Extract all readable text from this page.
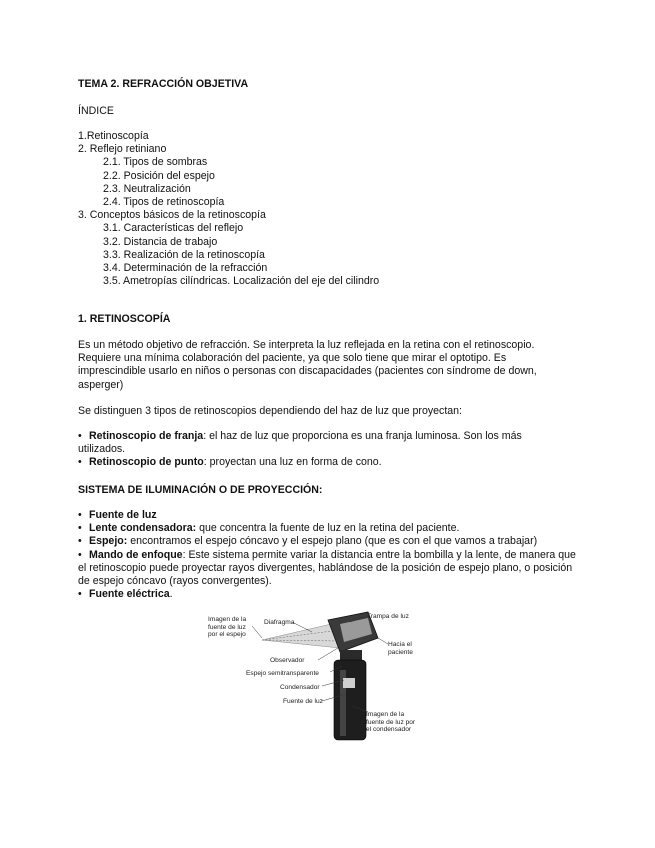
TEMA 2. REFRACCIÓN OBJETIVA
ÍNDICE
1.Retinoscopía
2. Reflejo retiniano
2.1. Tipos de sombras
2.2. Posición del espejo
2.3. Neutralización
2.4. Tipos de retinoscopía
3. Conceptos básicos de la retinoscopía
3.1. Características del reflejo
3.2. Distancia de trabajo
3.3. Realización de la retinoscopía
3.4. Determinación de la refracción
3.5. Ametropías cilíndricas. Localización del eje del cilindro
1. RETINOSCOPÍA
Es un método objetivo de refracción. Se interpreta la luz reflejada en la retina con el retinoscopio. Requiere una mínima colaboración del paciente, ya que solo tiene que mirar el optotipo. Es imprescindible usarlo en niños o personas con discapacidades (pacientes con síndrome de down, asperger)
Se distinguen 3 tipos de retinoscopios dependiendo del haz de luz que proyectan:
• Retinoscopio de franja: el haz de luz que proporciona es una franja luminosa. Son los más utilizados.
• Retinoscopio de punto: proyectan una luz en forma de cono.
SISTEMA DE ILUMINACIÓN O DE PROYECCIÓN:
• Fuente de luz
• Lente condensadora: que concentra la fuente de luz en la retina del paciente.
• Espejo: encontramos el espejo cóncavo y el espejo plano (que es con el que vamos a trabajar)
• Mando de enfoque: Este sistema permite variar la distancia entre la bombilla y la lente, de manera que el retinoscopio puede proyectar rayos divergentes, hablándose de la posición de espejo plano, o posición de espejo cóncavo (rayos convergentes).
• Fuente eléctrica.
Imagen de la fuente de luz por el espejo
Diafragma
Trampa de luz
Hacia el paciente
Observador
Espejo semitransparente
Condensador
Fuente de luz
Imagen de la fuente de luz por el condensador
